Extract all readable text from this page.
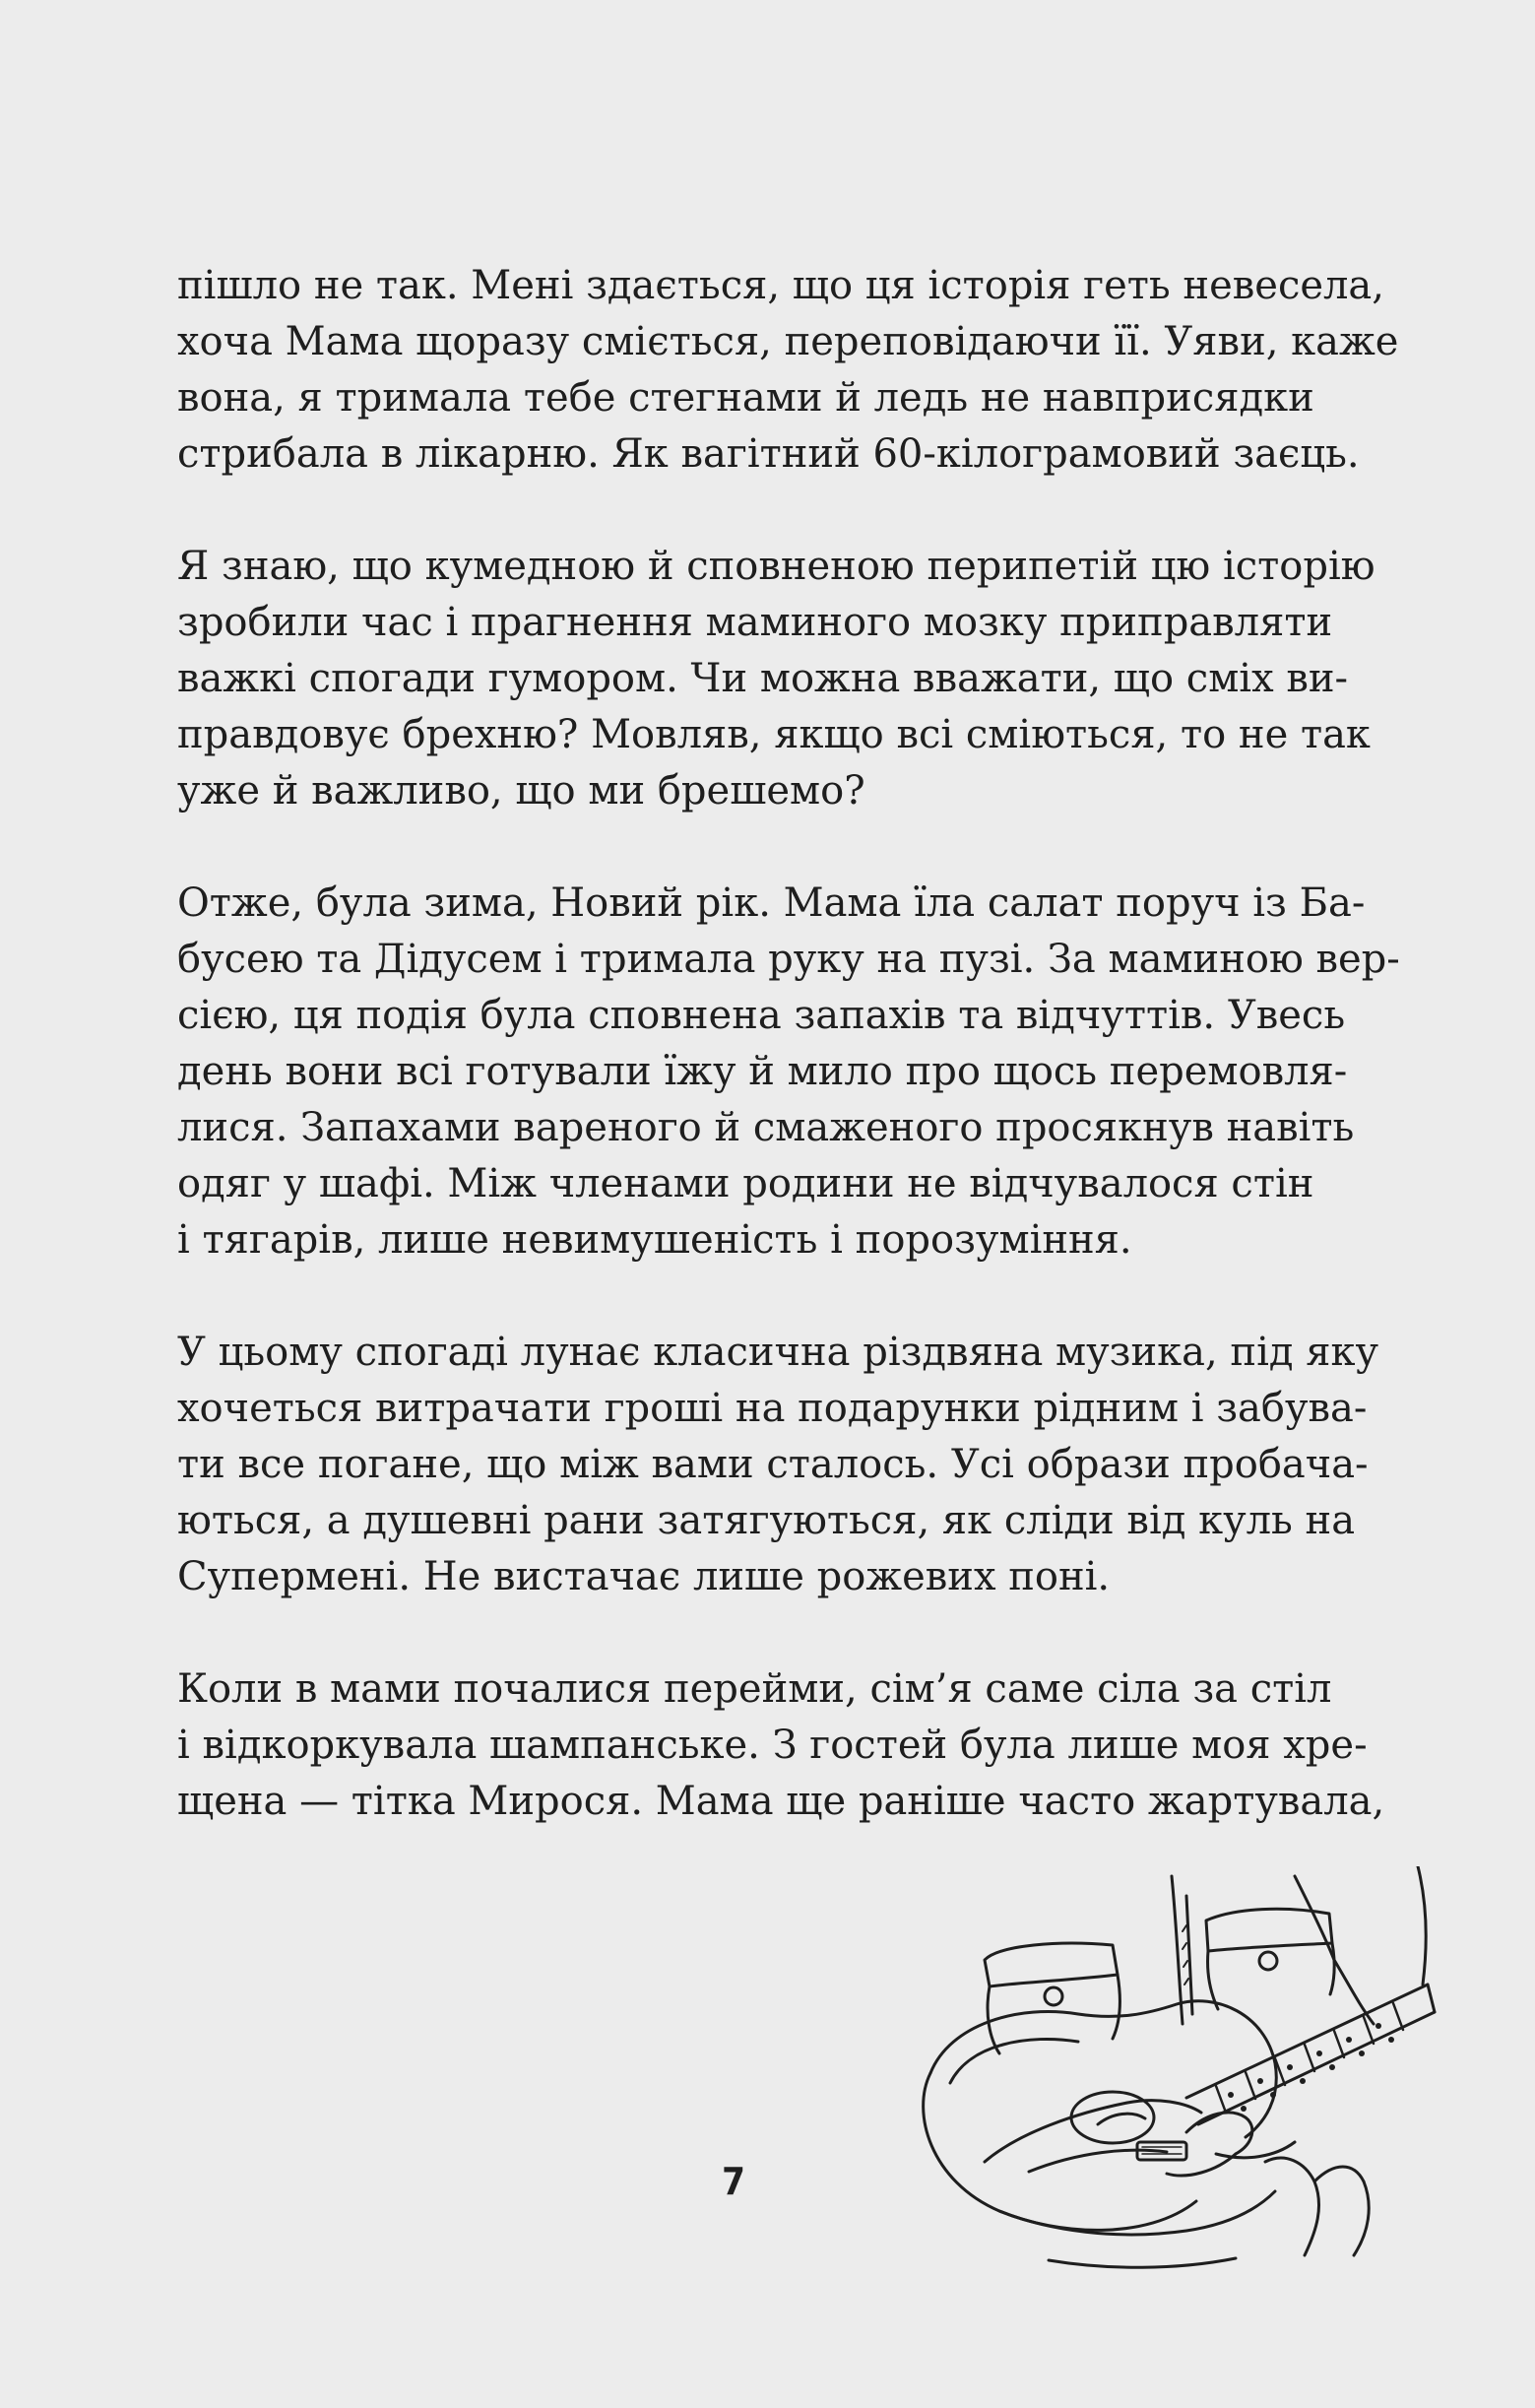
пішло не так. Мені здається, що ця історія геть невесела,
хоча Мама щоразу сміється, переповідаючи її. Уяви, каже
вона, я тримала тебе стегнами й ледь не навприсядки
стрибала в лікарню. Як вагітний 60-кілограмовий заєць.
Я знаю, що кумедною й сповненою перипетій цю історію
зробили час і прагнення маминого мозку приправляти
важкі спогади гумором. Чи можна вважати, що сміх ви-
правдовує брехню? Мовляв, якщо всі сміються, то не так
уже й важливо, що ми брешемо?
Отже, була зима, Новий рік. Мама їла салат поруч із Ба-
бусею та Дідусем і тримала руку на пузі. За маминою вер-
сією, ця подія була сповнена запахів та відчуттів. Увесь
день вони всі готували їжу й мило про щось перемовля-
лися. Запахами вареного й смаженого просякнув навіть
одяг у шафі. Між членами родини не відчувалося стін
і тягарів, лише невимушеність і порозуміння.
У цьому спогаді лунає класична різдвяна музика, під яку
хочеться витрачати гроші на подарунки рідним і забува-
ти все погане, що між вами сталось. Усі образи пробача-
ються, а душевні рани затягуються, як сліди від куль на
Супермені. Не вистачає лише рожевих поні.
Коли в мами почалися перейми, сім’я саме сіла за стіл
і відкоркувала шампанське. З гостей була лише моя хре-
щена — тітка Мирося. Мама ще раніше часто жартувала,
7
